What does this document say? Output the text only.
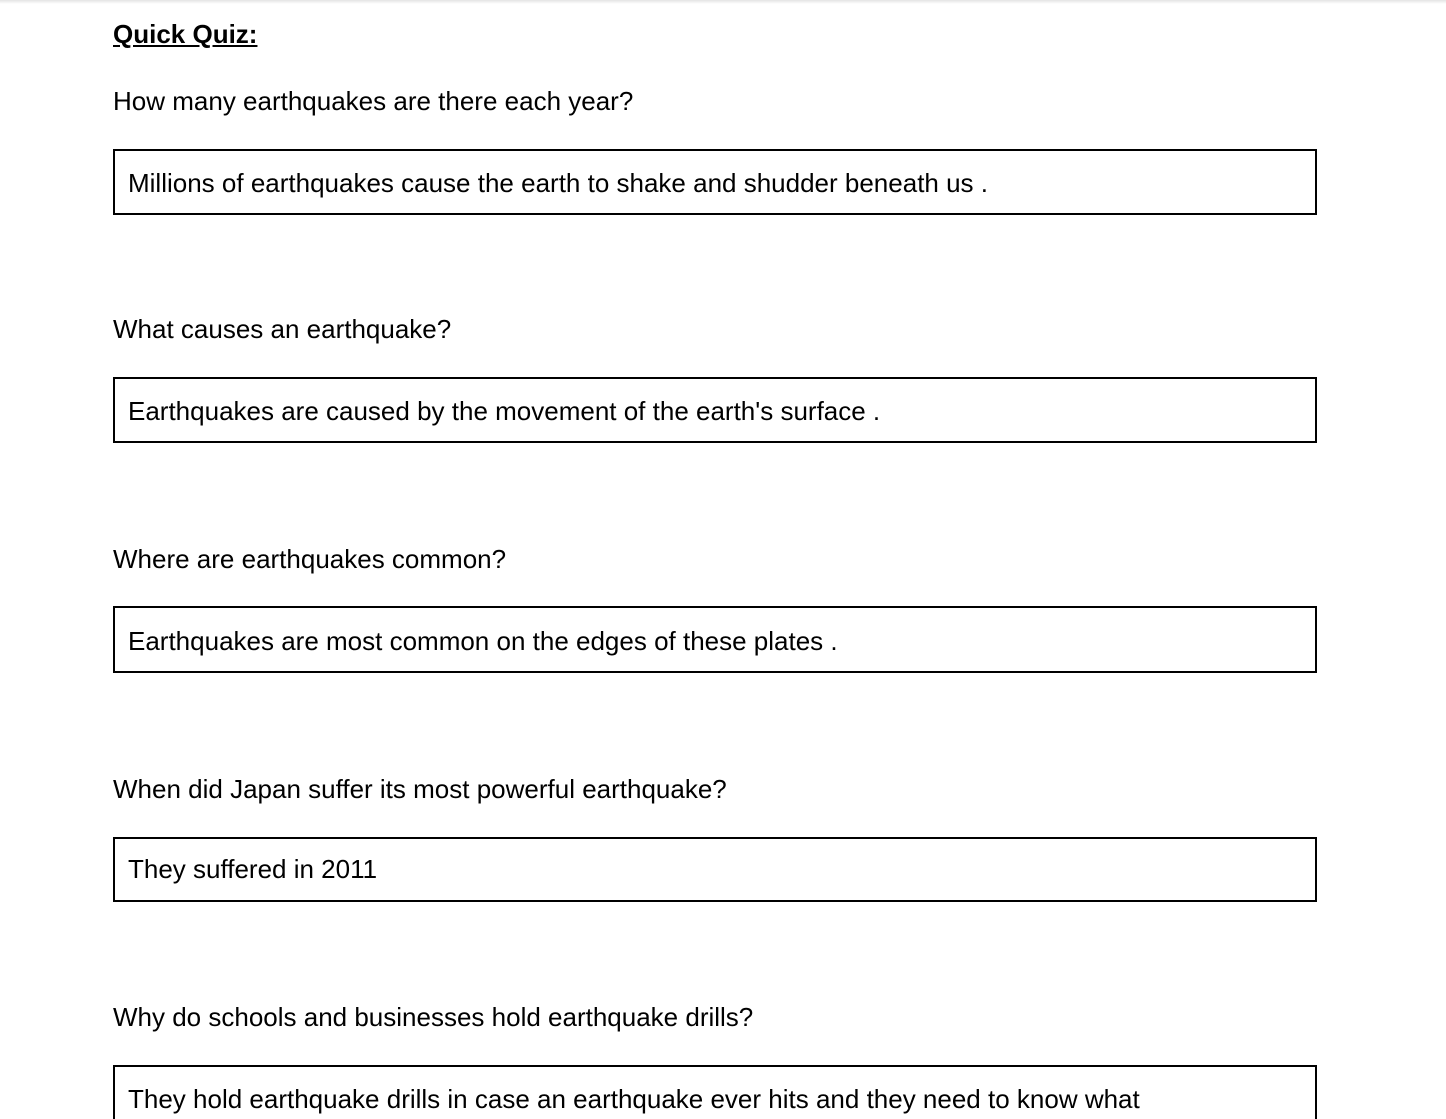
Quick Quiz:
How many earthquakes are there each year?
Millions of earthquakes cause the earth to shake and shudder beneath us .
What causes an earthquake?
Earthquakes are caused by the movement of the earth's surface .
Where are earthquakes common?
Earthquakes are most common on the edges of these plates .
When did Japan suffer its most powerful earthquake?
They suffered in 2011
Why do schools and businesses hold earthquake drills?
They hold earthquake drills in case an earthquake ever hits and they need to know what
